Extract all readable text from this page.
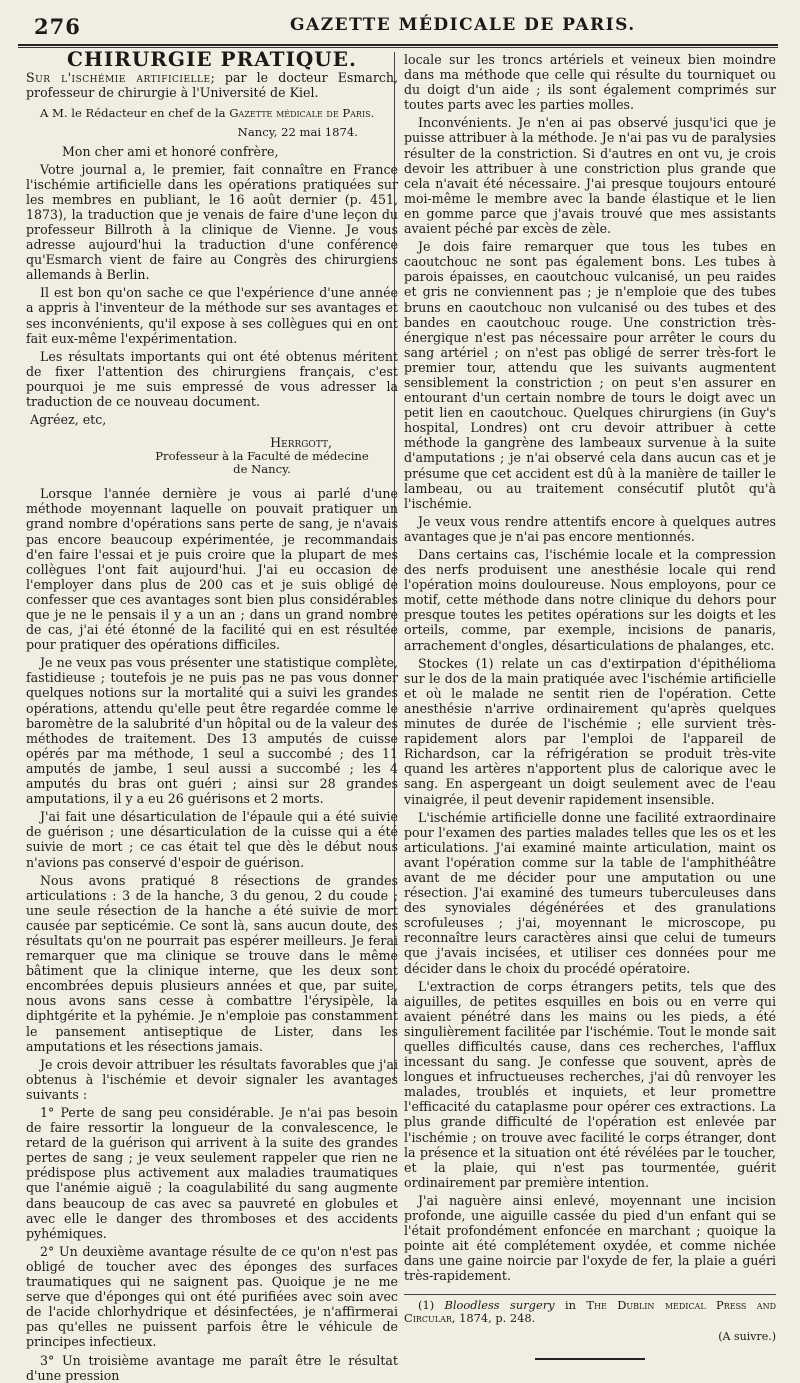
276	GAZETTE MÉDICALE DE PARIS.

CHIRURGIE PRATIQUE.

Sur l'ischémie artificielle; par le docteur Esmarch, professeur de chirurgie à l'Université de Kiel.

A M. le Rédacteur en chef de la Gazette médicale de Paris.

Nancy, 22 mai 1874.

Mon cher ami et honoré confrère,

Votre journal a, le premier, fait connaître en France l'ischémie artificielle dans les opérations pratiquées sur les membres en publiant, le 16 août dernier (p. 451, 1873), la traduction que je venais de faire d'une leçon du professeur Billroth à la clinique de Vienne. Je vous adresse aujourd'hui la traduction d'une conférence qu'Esmarch vient de faire au Congrès des chirurgiens allemands à Berlin.

Il est bon qu'on sache ce que l'expérience d'une année a appris à l'inventeur de la méthode sur ses avantages et ses inconvénients, qu'il expose à ses collègues qui en ont fait eux-même l'expérimentation.

Les résultats importants qui ont été obtenus méritent de fixer l'attention des chirurgiens français, c'est pourquoi je me suis empressé de vous adresser la traduction de ce nouveau document.

Agréez, etc,

Herrgott,

Professeur à la Faculté de médecine
de Nancy.

Lorsque l'année dernière je vous ai parlé d'une méthode moyennant laquelle on pouvait pratiquer un grand nombre d'opérations sans perte de sang, je n'avais pas encore beaucoup expérimentée, je recommandais d'en faire l'essai et je puis croire que la plupart de mes collègues l'ont fait aujourd'hui. J'ai eu occasion de l'employer dans plus de 200 cas et je suis obligé de confesser que ces avantages sont bien plus considérables que je ne le pensais il y a un an ; dans un grand nombre de cas, j'ai été étonné de la facilité qui en est résultée pour pratiquer des opérations difficiles.

Je ne veux pas vous présenter une statistique complète, fastidieuse ; toutefois je ne puis pas ne pas vous donner quelques notions sur la mortalité qui a suivi les grandes opérations, attendu qu'elle peut être regardée comme le baromètre de la salubrité d'un hôpital ou de la valeur des méthodes de traitement. Des 13 amputés de cuisse opérés par ma méthode, 1 seul a succombé ; des 11 amputés de jambe, 1 seul aussi a succombé ; les 4 amputés du bras ont guéri ; ainsi sur 28 grandes amputations, il y a eu 26 guérisons et 2 morts.

J'ai fait une désarticulation de l'épaule qui a été suivie de guérison ; une désarticulation de la cuisse qui a été suivie de mort ; ce cas était tel que dès le début nous n'avions pas conservé d'espoir de guérison.

Nous avons pratiqué 8 résections de grandes articulations : 3 de la hanche, 3 du genou, 2 du coude ; une seule résection de la hanche a été suivie de mort causée par septicémie. Ce sont là, sans aucun doute, des résultats qu'on ne pourrait pas espérer meilleurs. Je ferai remarquer que ma clinique se trouve dans le même bâtiment que la clinique interne, que les deux sont encombrées depuis plusieurs années et que, par suite, nous avons sans cesse à combattre l'érysipèle, la diphtgérite et la pyhémie. Je n'emploie pas constamment le pansement antiseptique de Lister, dans les amputations et les résections jamais.

Je crois devoir attribuer les résultats favorables que j'ai obtenus à l'ischémie et devoir signaler les avantages suivants :

1° Perte de sang peu considérable. Je n'ai pas besoin de faire ressortir la longueur de la convalescence, le retard de la guérison qui arrivent à la suite des grandes pertes de sang ; je veux seulement rappeler que rien ne prédispose plus activement aux maladies traumatiques que l'anémie aiguë ; la coagulabilité du sang augmente dans beaucoup de cas avec sa pauvreté en globules et avec elle le danger des thromboses et des accidents pyhémiques.

2° Un deuxième avantage résulte de ce qu'on n'est pas obligé de toucher avec des éponges des surfaces traumatiques qui ne saignent pas. Quoique je ne me serve que d'éponges qui ont été purifiées avec soin avec de l'acide chlorhydrique et désinfectées, je n'affirmerai pas qu'elles ne puissent parfois être le véhicule de principes infectieux.

3° Un troisième avantage me paraît être le résultat d'une pression

locale sur les troncs artériels et veineux bien moindre dans ma méthode que celle qui résulte du tourniquet ou du doigt d'un aide ; ils sont également comprimés sur toutes parts avec les parties molles.

Inconvénients. Je n'en ai pas observé jusqu'ici que je puisse attribuer à la méthode. Je n'ai pas vu de paralysies résulter de la constriction. Si d'autres en ont vu, je crois devoir les attribuer à une constriction plus grande que cela n'avait été nécessaire. J'ai presque toujours entouré moi-même le membre avec la bande élastique et le lien en gomme parce que j'avais trouvé que mes assistants avaient péché par excès de zèle.

Je dois faire remarquer que tous les tubes en caoutchouc ne sont pas également bons. Les tubes à parois épaisses, en caoutchouc vulcanisé, un peu raides et gris ne conviennent pas ; je n'emploie que des tubes bruns en caoutchouc non vulcanisé ou des tubes et des bandes en caoutchouc rouge. Une constriction très-énergique n'est pas nécessaire pour arrêter le cours du sang artériel ; on n'est pas obligé de serrer très-fort le premier tour, attendu que les suivants augmentent sensiblement la constriction ; on peut s'en assurer en entourant d'un certain nombre de tours le doigt avec un petit lien en caoutchouc. Quelques chirurgiens (in Guy's hospital, Londres) ont cru devoir attribuer à cette méthode la gangrène des lambeaux survenue à la suite d'amputations ; je n'ai observé cela dans aucun cas et je présume que cet accident est dû à la manière de tailler le lambeau, ou au traitement consécutif plutôt qu'à l'ischémie.

Je veux vous rendre attentifs encore à quelques autres avantages que je n'ai pas encore mentionnés.

Dans certains cas, l'ischémie locale et la compression des nerfs produisent une anesthésie locale qui rend l'opération moins douloureuse. Nous employons, pour ce motif, cette méthode dans notre clinique du dehors pour presque toutes les petites opérations sur les doigts et les orteils, comme, par exemple, incisions de panaris, arrachement d'ongles, désarticulations de phalanges, etc.

Stockes (1) relate un cas d'extirpation d'épithélioma sur le dos de la main pratiquée avec l'ischémie artificielle et où le malade ne sentit rien de l'opération. Cette anesthésie n'arrive ordinairement qu'après quelques minutes de durée de l'ischémie ; elle survient très-rapidement alors par l'emploi de l'appareil de Richardson, car la réfrigération se produit très-vite quand les artères n'apportent plus de calorique avec le sang. En aspergeant un doigt seulement avec de l'eau vinaigrée, il peut devenir rapidement insensible.

L'ischémie artificielle donne une facilité extraordinaire pour l'examen des parties malades telles que les os et les articulations. J'ai examiné mainte articulation, maint os avant l'opération comme sur la table de l'amphithéâtre avant de me décider pour une amputation ou une résection. J'ai examiné des tumeurs tuberculeuses dans des synoviales dégénérées et des granulations scrofuleuses ; j'ai, moyennant le microscope, pu reconnaître leurs caractères ainsi que celui de tumeurs que j'avais incisées, et utiliser ces données pour me décider dans le choix du procédé opératoire.

L'extraction de corps étrangers petits, tels que des aiguilles, de petites esquilles en bois ou en verre qui avaient pénétré dans les mains ou les pieds, a été singulièrement facilitée par l'ischémie. Tout le monde sait quelles difficultés cause, dans ces recherches, l'afflux incessant du sang. Je confesse que souvent, après de longues et infructueuses recherches, j'ai dû renvoyer les malades, troublés et inquiets, et leur promettre l'efficacité du cataplasme pour opérer ces extractions. La plus grande difficulté de l'opération est enlevée par l'ischémie ; on trouve avec facilité le corps étranger, dont la présence et la situation ont été révélées par le toucher, et la plaie, qui n'est pas tourmentée, guérit ordinairement par première intention.

J'ai naguère ainsi enlevé, moyennant une incision profonde, une aiguille cassée du pied d'un enfant qui se l'était profondément enfoncée en marchant ; quoique la pointe ait été complétement oxydée, et comme nichée dans une gaine noircie par l'oxyde de fer, la plaie a guéri très-rapidement.

(1) Bloodless surgery in The Dublin medical Press and Circular, 1874, p. 248.

(A suivre.)
